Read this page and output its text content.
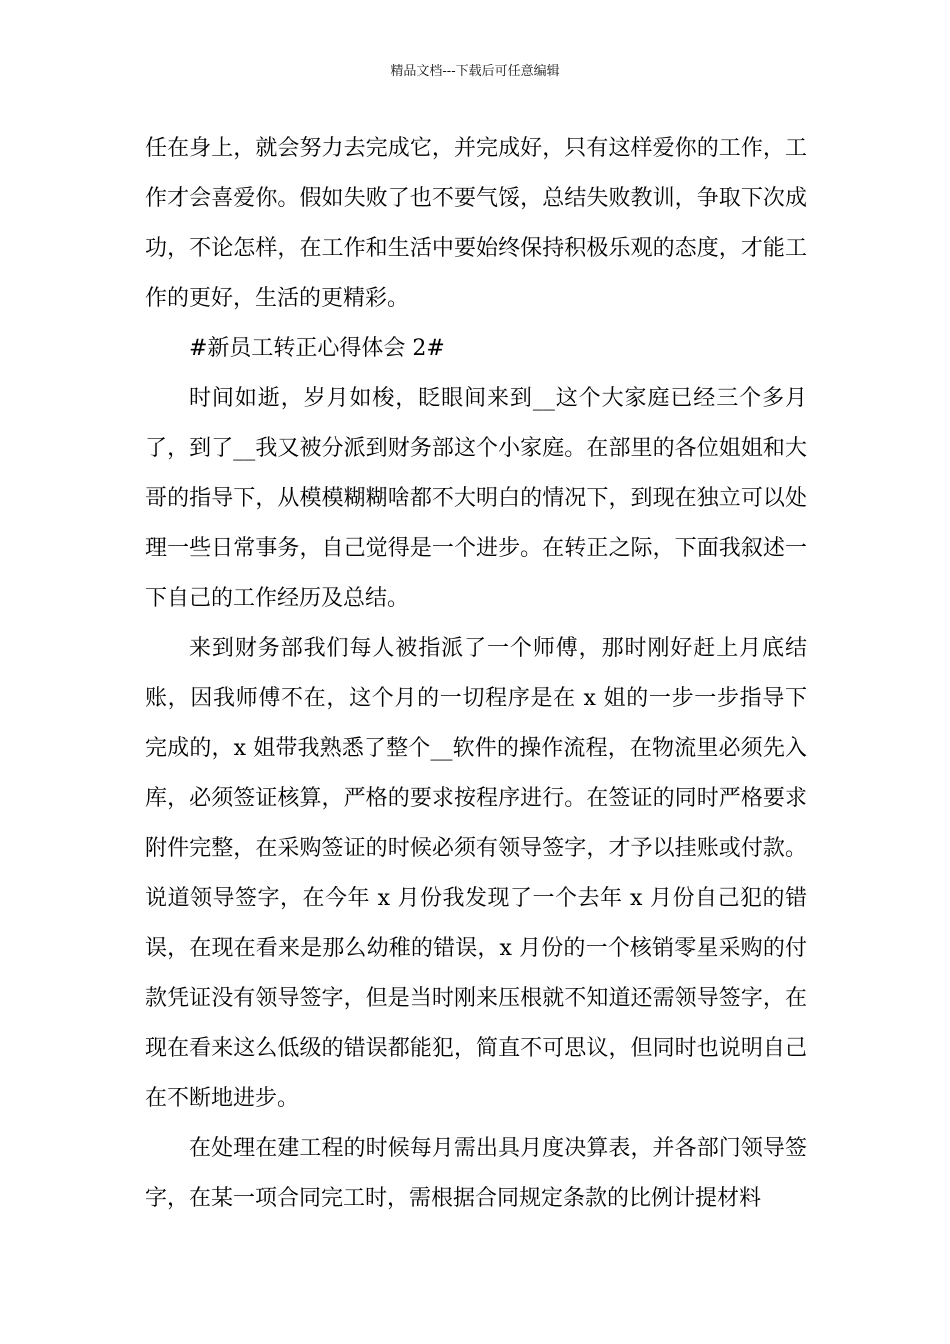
精品文档---下载后可任意编辑

任在身上，就会努力去完成它，并完成好，只有这样爱你的工作，工作才会喜爱你。假如失败了也不要气馁，总结失败教训，争取下次成功，不论怎样，在工作和生活中要始终保持积极乐观的态度，才能工作的更好，生活的更精彩。

#新员工转正心得体会 2#

时间如逝，岁月如梭，眨眼间来到__这个大家庭已经三个多月了，到了__我又被分派到财务部这个小家庭。在部里的各位姐姐和大哥的指导下，从模模糊糊啥都不大明白的情况下，到现在独立可以处理一些日常事务，自己觉得是一个进步。在转正之际，下面我叙述一下自己的工作经历及总结。

来到财务部我们每人被指派了一个师傅，那时刚好赶上月底结账，因我师傅不在，这个月的一切程序是在 x 姐的一步一步指导下完成的，x 姐带我熟悉了整个__软件的操作流程，在物流里必须先入库，必须签证核算，严格的要求按程序进行。在签证的同时严格要求附件完整，在采购签证的时候必须有领导签字，才予以挂账或付款。说道领导签字，在今年 x 月份我发现了一个去年 x 月份自己犯的错误，在现在看来是那么幼稚的错误，x 月份的一个核销零星采购的付款凭证没有领导签字，但是当时刚来压根就不知道还需领导签字，在现在看来这么低级的错误都能犯，简直不可思议，但同时也说明自己在不断地进步。

在处理在建工程的时候每月需出具月度决算表，并各部门领导签字，在某一项合同完工时，需根据合同规定条款的比例计提材料
